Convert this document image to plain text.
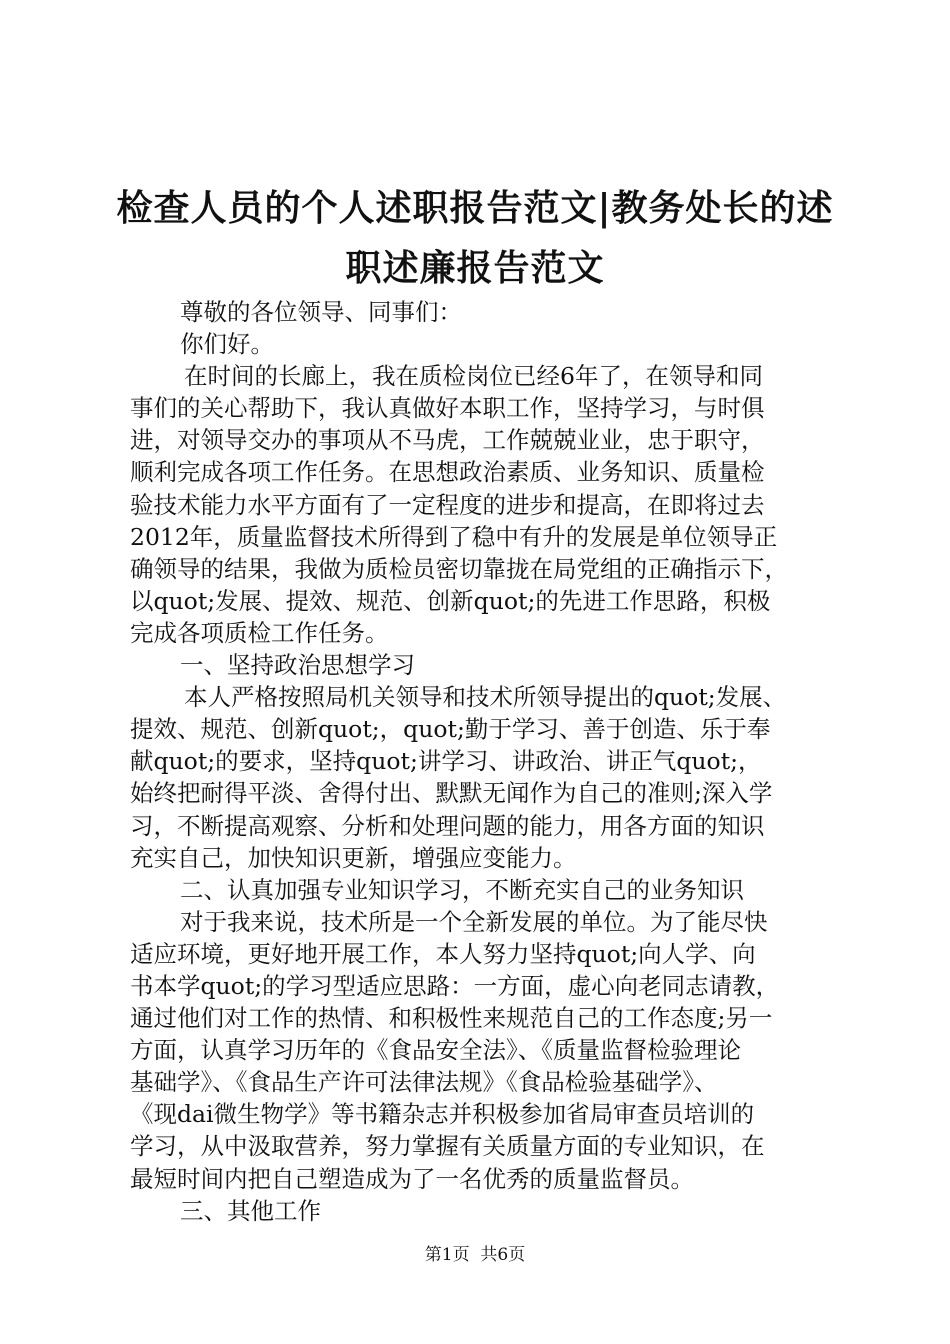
检查人员的个人述职报告范文|教务处长的述
职述廉报告范文
尊敬的各位领导、同事们：
你们好。
在时间的长廊上，我在质检岗位已经6年了，在领导和同
事们的关心帮助下，我认真做好本职工作，坚持学习，与时俱
进，对领导交办的事项从不马虎，工作兢兢业业，忠于职守，
顺利完成各项工作任务。在思想政治素质、业务知识、质量检
验技术能力水平方面有了一定程度的进步和提高，在即将过去
2012年，质量监督技术所得到了稳中有升的发展是单位领导正
确领导的结果，我做为质检员密切靠拢在局党组的正确指示下，
以quot;发展、提效、规范、创新quot;的先进工作思路，积极
完成各项质检工作任务。
一、坚持政治思想学习
本人严格按照局机关领导和技术所领导提出的quot;发展、
提效、规范、创新quot;，quot;勤于学习、善于创造、乐于奉
献quot;的要求，坚持quot;讲学习、讲政治、讲正气quot;，
始终把耐得平淡、舍得付出、默默无闻作为自己的准则;深入学
习，不断提高观察、分析和处理问题的能力，用各方面的知识
充实自己，加快知识更新，增强应变能力。
二、认真加强专业知识学习，不断充实自己的业务知识
对于我来说，技术所是一个全新发展的单位。为了能尽快
适应环境，更好地开展工作，本人努力坚持quot;向人学、向
书本学quot;的学习型适应思路：一方面，虚心向老同志请教，
通过他们对工作的热情、和积极性来规范自己的工作态度;另一
方面，认真学习历年的《食品安全法》、《质量监督检验理论
基础学》、《食品生产许可法律法规》《食品检验基础学》、
《现dai微生物学》等书籍杂志并积极参加省局审查员培训的
学习，从中汲取营养，努力掌握有关质量方面的专业知识，在
最短时间内把自己塑造成为了一名优秀的质量监督员。
三、其他工作
第1页 共6页
